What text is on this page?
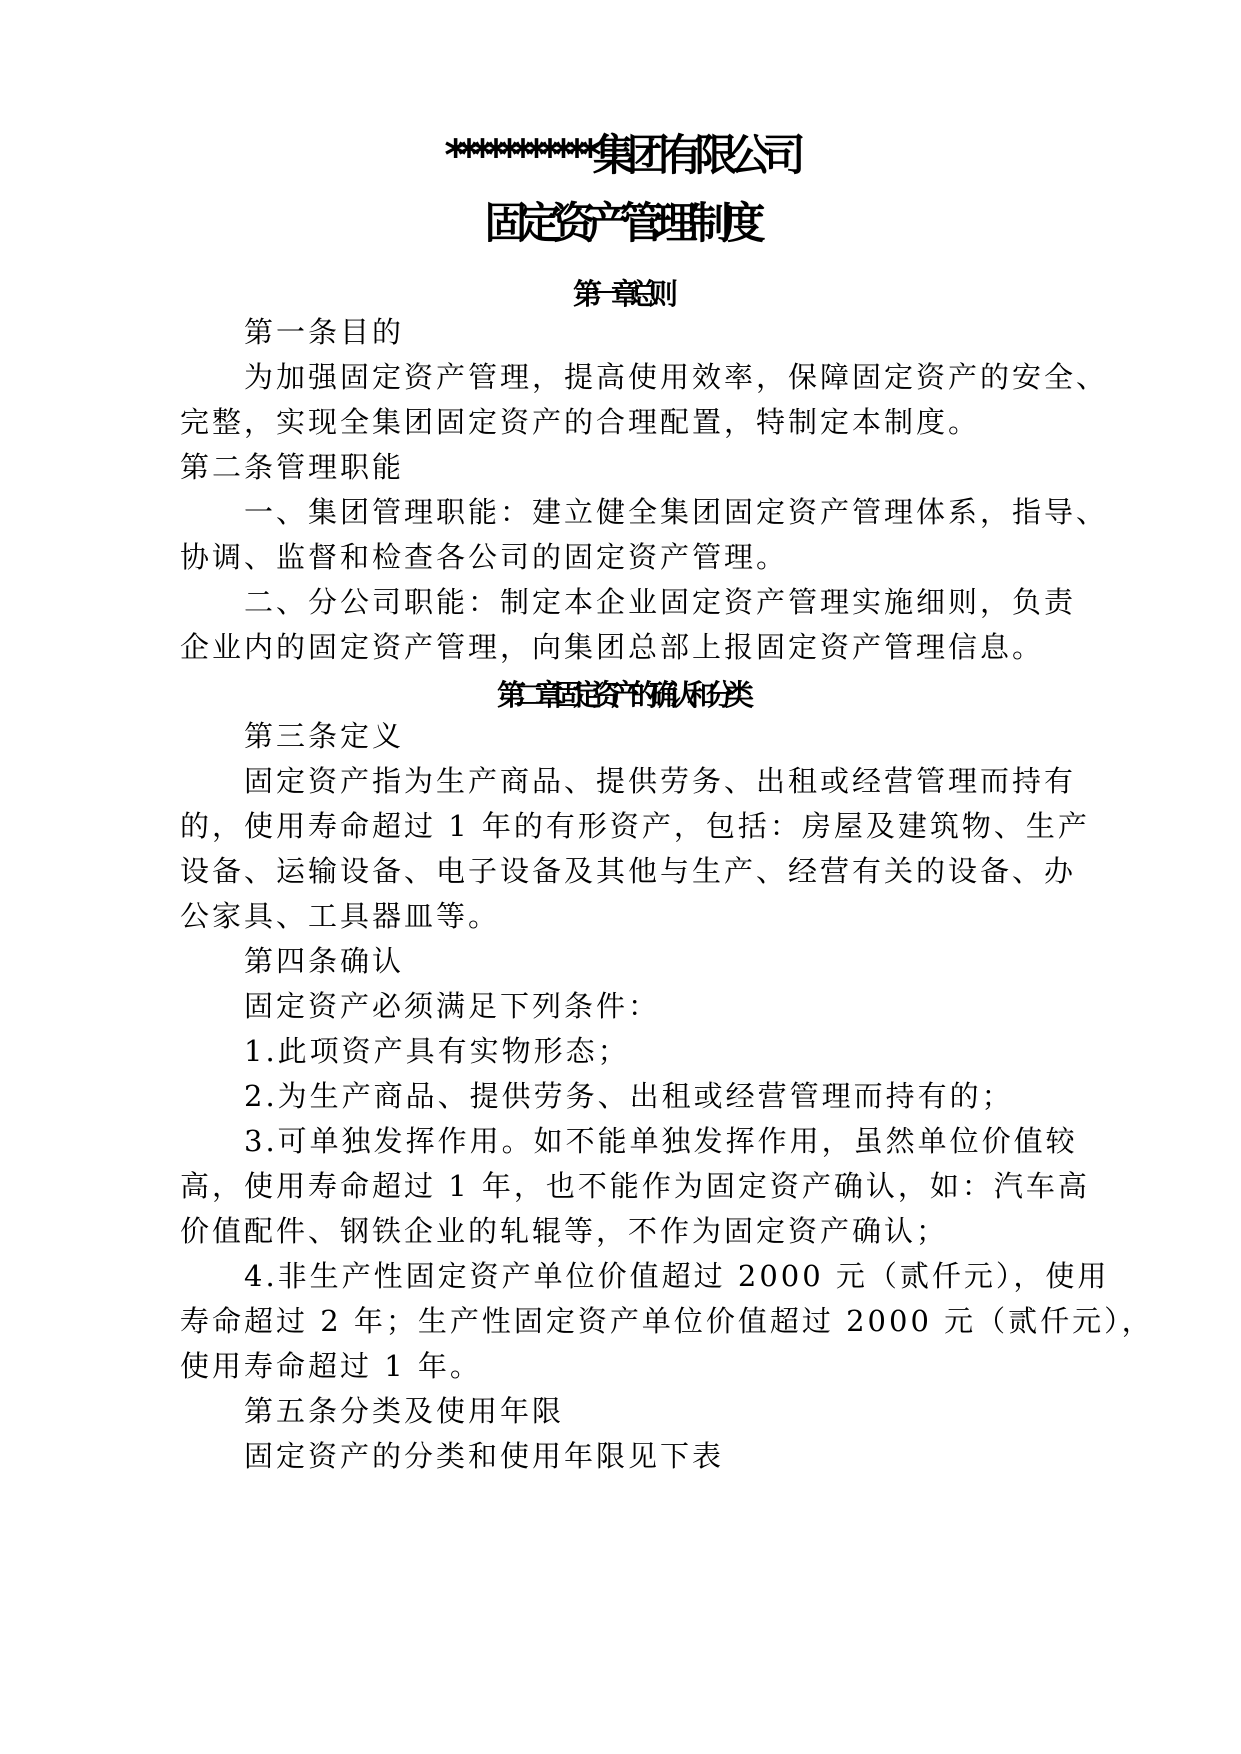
***********集团有限公司
固定资产管理制度
第一章总则
第一条目的
为加强固定资产管理，提高使用效率，保障固定资产的安全、
完整，实现全集团固定资产的合理配置，特制定本制度。
第二条管理职能
一、集团管理职能：建立健全集团固定资产管理体系，指导、
协调、监督和检查各公司的固定资产管理。
二、分公司职能：制定本企业固定资产管理实施细则，负责
企业内的固定资产管理，向集团总部上报固定资产管理信息。
第二章固定资产的确认和分类
第三条定义
固定资产指为生产商品、提供劳务、出租或经营管理而持有
的，使用寿命超过 1 年的有形资产，包括：房屋及建筑物、生产
设备、运输设备、电子设备及其他与生产、经营有关的设备、办
公家具、工具器皿等。
第四条确认
固定资产必须满足下列条件：
1.此项资产具有实物形态；
2.为生产商品、提供劳务、出租或经营管理而持有的；
3.可单独发挥作用。如不能单独发挥作用，虽然单位价值较
高，使用寿命超过 1 年，也不能作为固定资产确认，如：汽车高
价值配件、钢铁企业的轧辊等，不作为固定资产确认；
4.非生产性固定资产单位价值超过 2000 元（贰仟元），使用
寿命超过 2 年；生产性固定资产单位价值超过 2000 元（贰仟元），
使用寿命超过 1 年。
第五条分类及使用年限
固定资产的分类和使用年限见下表
